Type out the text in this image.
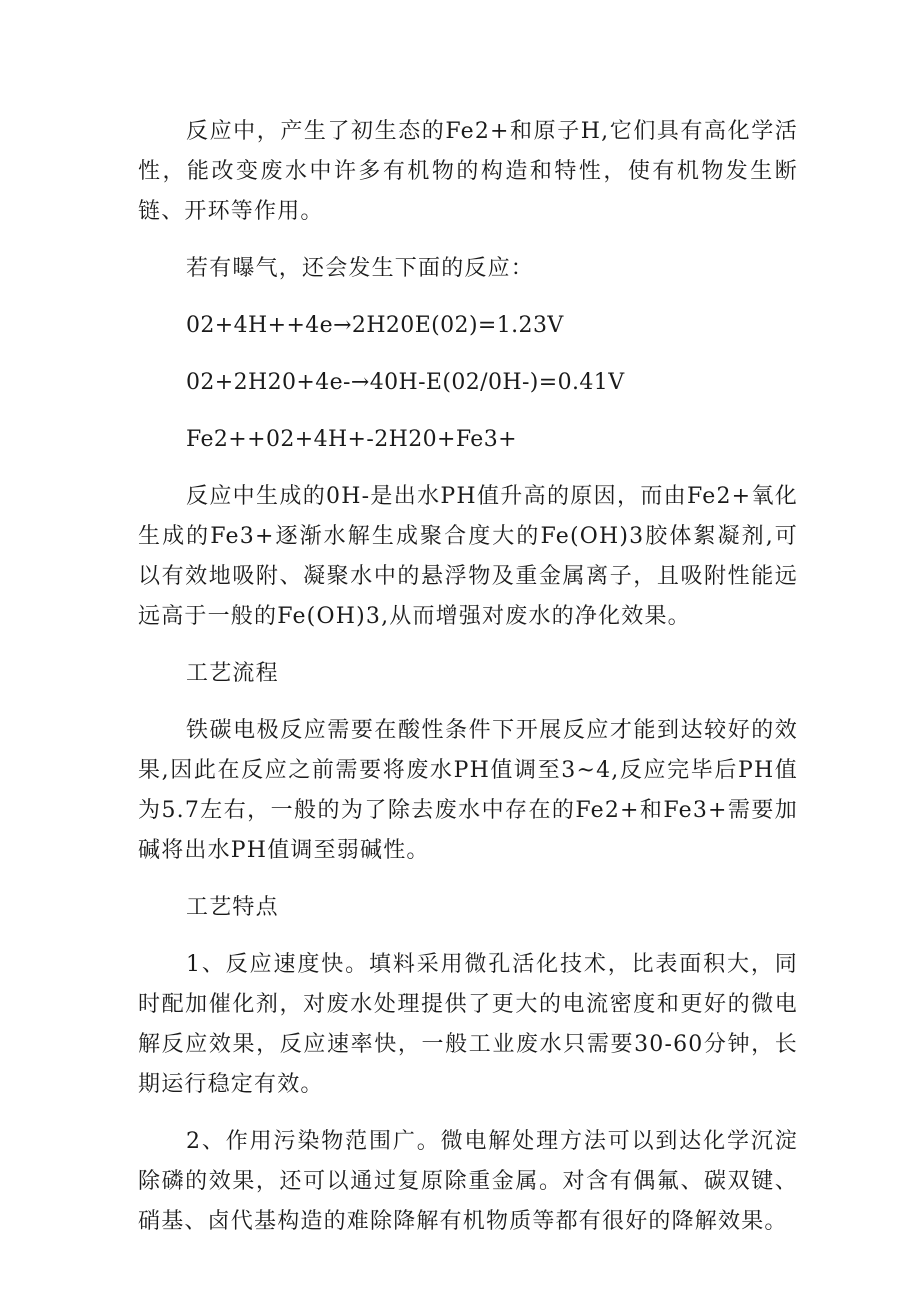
反应中，产生了初生态的Fe2+和原子H,它们具有高化学活性，能改变废水中许多有机物的构造和特性，使有机物发生断链、开环等作用。

若有曝气，还会发生下面的反应：

02+4H++4e→2H20E(02)=1.23V

02+2H20+4e-→40H-E(02/0H-)=0.41V

Fe2++02+4H+-2H20+Fe3+

反应中生成的0H-是出水PH值升高的原因，而由Fe2+氧化生成的Fe3+逐渐水解生成聚合度大的Fe(OH)3胶体絮凝剂,可以有效地吸附、凝聚水中的悬浮物及重金属离子，且吸附性能远远高于一般的Fe(OH)3,从而增强对废水的净化效果。

工艺流程

铁碳电极反应需要在酸性条件下开展反应才能到达较好的效果,因此在反应之前需要将废水PH值调至3~4,反应完毕后PH值为5.7左右，一般的为了除去废水中存在的Fe2+和Fe3+需要加碱将出水PH值调至弱碱性。

工艺特点

1、反应速度快。填料采用微孔活化技术，比表面积大，同时配加催化剂，对废水处理提供了更大的电流密度和更好的微电解反应效果，反应速率快，一般工业废水只需要30-60分钟，长期运行稳定有效。

2、作用污染物范围广。微电解处理方法可以到达化学沉淀除磷的效果，还可以通过复原除重金属。对含有偶氟、碳双键、硝基、卤代基构造的难除降解有机物质等都有很好的降解效果。
